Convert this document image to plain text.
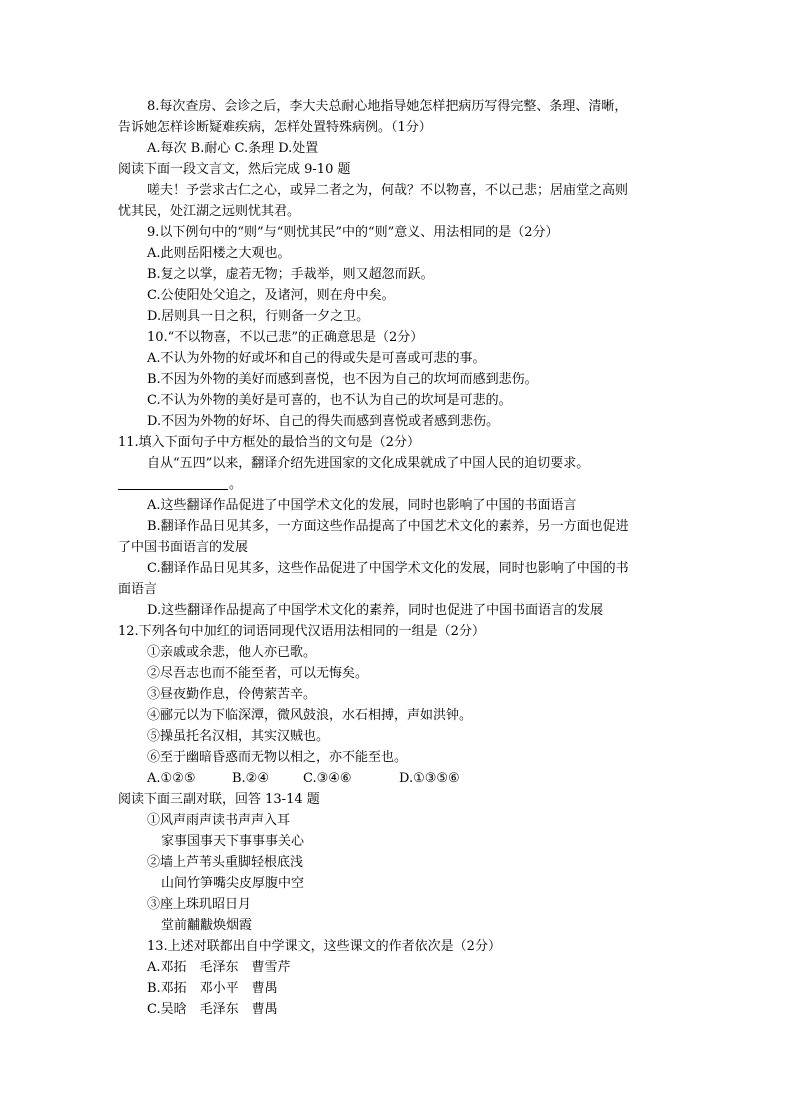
8.每次查房、会诊之后，李大夫总耐心地指导她怎样把病历写得完整、条理、清晰，
告诉她怎样诊断疑难疾病，怎样处置特殊病例。（1分）
A.每次 B.耐心 C.条理 D.处置
阅读下面一段文言文，然后完成 9-10 题
嗟夫！予尝求古仁之心，或异二者之为，何哉？不以物喜，不以己悲；居庙堂之高则
忧其民，处江湖之远则忧其君。
9.以下例句中的“则”与“则忧其民”中的“则”意义、用法相同的是（2分）
A.此则岳阳楼之大观也。
B.复之以掌，虚若无物；手裁举，则又超忽而跃。
C.公使阳处父追之，及诸河，则在舟中矣。
D.居则具一日之积，行则备一夕之卫。
10.“不以物喜，不以己悲”的正确意思是（2分）
A.不认为外物的好或坏和自己的得或失是可喜或可悲的事。
B.不因为外物的美好而感到喜悦，也不因为自己的坎坷而感到悲伤。
C.不认为外物的美好是可喜的，也不认为自己的坎坷是可悲的。
D.不因为外物的好坏、自己的得失而感到喜悦或者感到悲伤。
11.填入下面句子中方框处的最恰当的文句是（2分）
自从“五四”以来，翻译介绍先进国家的文化成果就成了中国人民的迫切要求。
。
A.这些翻译作品促进了中国学术文化的发展，同时也影响了中国的书面语言
B.翻译作品日见其多，一方面这些作品提高了中国艺术文化的素养，另一方面也促进
了中国书面语言的发展
C.翻译作品日见其多，这些作品促进了中国学术文化的发展，同时也影响了中国的书
面语言
D.这些翻译作品提高了中国学术文化的素养，同时也促进了中国书面语言的发展
12.下列各句中加红的词语同现代汉语用法相同的一组是（2分）
①亲戚或余悲，他人亦已歌。
②尽吾志也而不能至者，可以无悔矣。
③昼夜勤作息，伶俜萦苦辛。
④郦元以为下临深潭，微风鼓浪，水石相搏，声如洪钟。
⑤操虽托名汉相，其实汉贼也。
⑥至于幽暗昏惑而无物以相之，亦不能至也。
A.①②⑤	B.②④	C.③④⑥	D.①③⑤⑥
阅读下面三副对联，回答 13-14 题
①风声雨声读书声声入耳
家事国事天下事事事关心
②墙上芦苇头重脚轻根底浅
山间竹笋嘴尖皮厚腹中空
③座上珠玑昭日月
堂前黼黻焕烟霞
13.上述对联都出自中学课文，这些课文的作者依次是（2分）
A.邓拓　毛泽东　曹雪芹
B.邓拓　邓小平　曹禺
C.吴晗　毛泽东　曹禺
